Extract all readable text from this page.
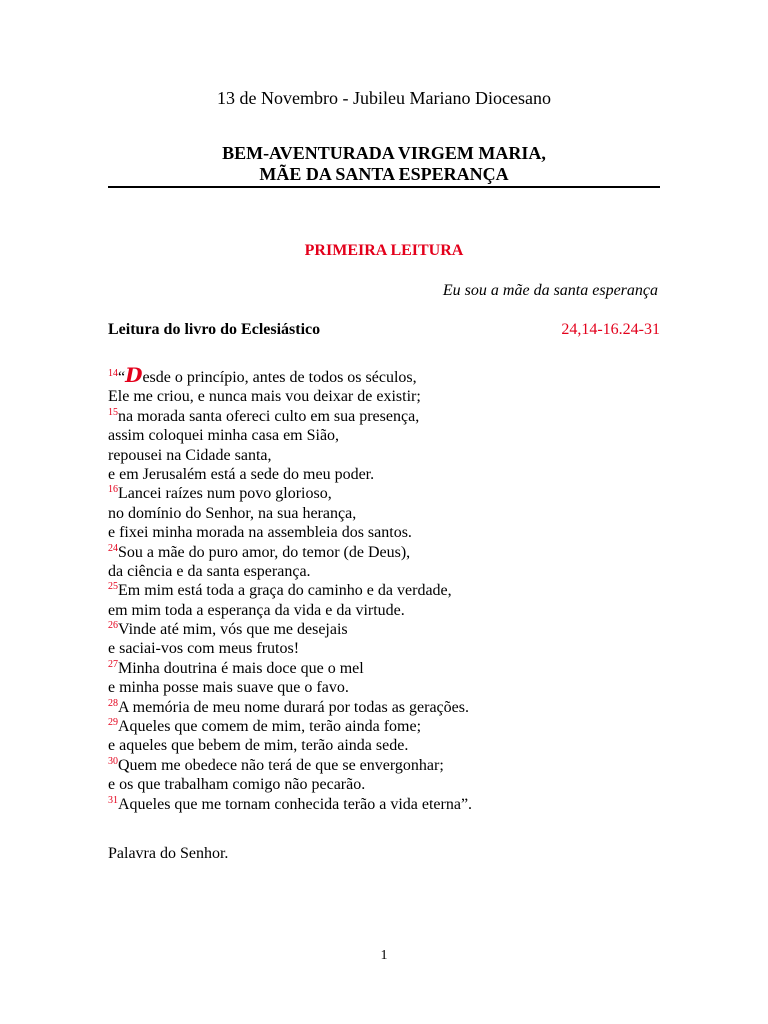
13 de Novembro - Jubileu Mariano Diocesano
BEM-AVENTURADA VIRGEM MARIA,
MÃE DA SANTA ESPERANÇA
PRIMEIRA LEITURA
Eu sou a mãe da santa esperança
Leitura do livro do Eclesiástico	24,14-16.24-31
$^{14}$“Desde o princípio, antes de todos os séculos,
Ele me criou, e nunca mais vou deixar de existir;
$^{15}$na morada santa ofereci culto em sua presença,
assim coloquei minha casa em Sião,
repousei na Cidade santa,
e em Jerusalém está a sede do meu poder.
$^{16}$Lancei raízes num povo glorioso,
no domínio do Senhor, na sua herança,
e fixei minha morada na assembleia dos santos.
$^{24}$Sou a mãe do puro amor, do temor (de Deus),
da ciência e da santa esperança.
$^{25}$Em mim está toda a graça do caminho e da verdade,
em mim toda a esperança da vida e da virtude.
$^{26}$Vinde até mim, vós que me desejais
e saciai-vos com meus frutos!
$^{27}$Minha doutrina é mais doce que o mel
e minha posse mais suave que o favo.
$^{28}$A memória de meu nome durará por todas as gerações.
$^{29}$Aqueles que comem de mim, terão ainda fome;
e aqueles que bebem de mim, terão ainda sede.
$^{30}$Quem me obedece não terá de que se envergonhar;
e os que trabalham comigo não pecarão.
$^{31}$Aqueles que me tornam conhecida terão a vida eterna”.
Palavra do Senhor.
1
